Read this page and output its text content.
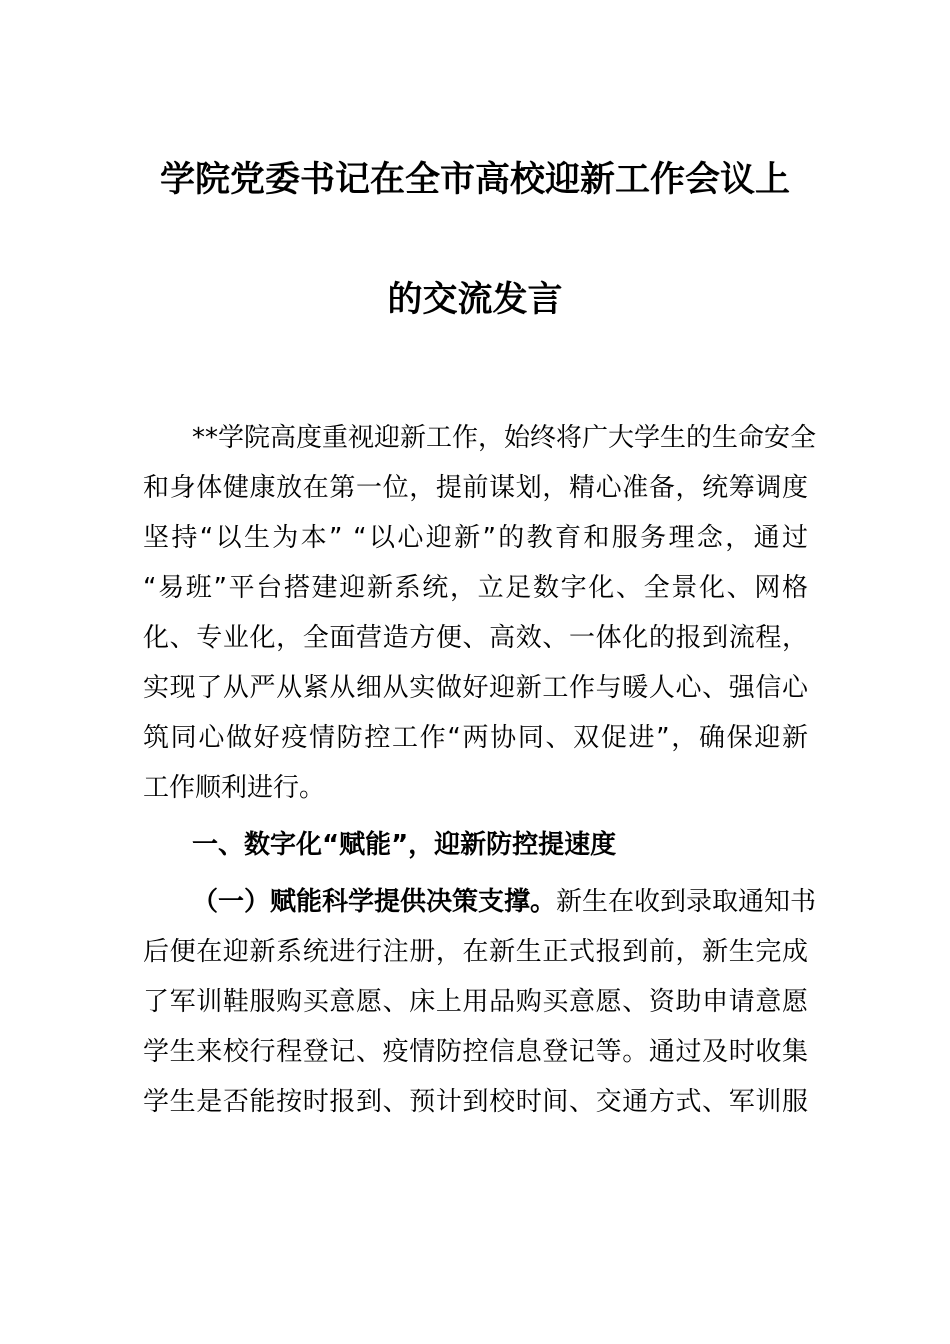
学院党委书记在全市高校迎新工作会议上
的交流发言
**学院高度重视迎新工作，始终将广大学生的生命安全
和身体健康放在第一位，提前谋划，精心准备，统筹调度
坚持“以生为本” “以心迎新”的教育和服务理念，通过
“易班”平台搭建迎新系统，立足数字化、全景化、网格
化、专业化，全面营造方便、高效、一体化的报到流程，
实现了从严从紧从细从实做好迎新工作与暖人心、强信心
筑同心做好疫情防控工作“两协同、双促进”，确保迎新
工作顺利进行。
一、数字化“赋能”，迎新防控提速度
（一）赋能科学提供决策支撑。 新生在收到录取通知书
后便在迎新系统进行注册，在新生正式报到前，新生完成
了军训鞋服购买意愿、床上用品购买意愿、资助申请意愿
学生来校行程登记、疫情防控信息登记等。通过及时收集
学生是否能按时报到、预计到校时间、交通方式、军训服
